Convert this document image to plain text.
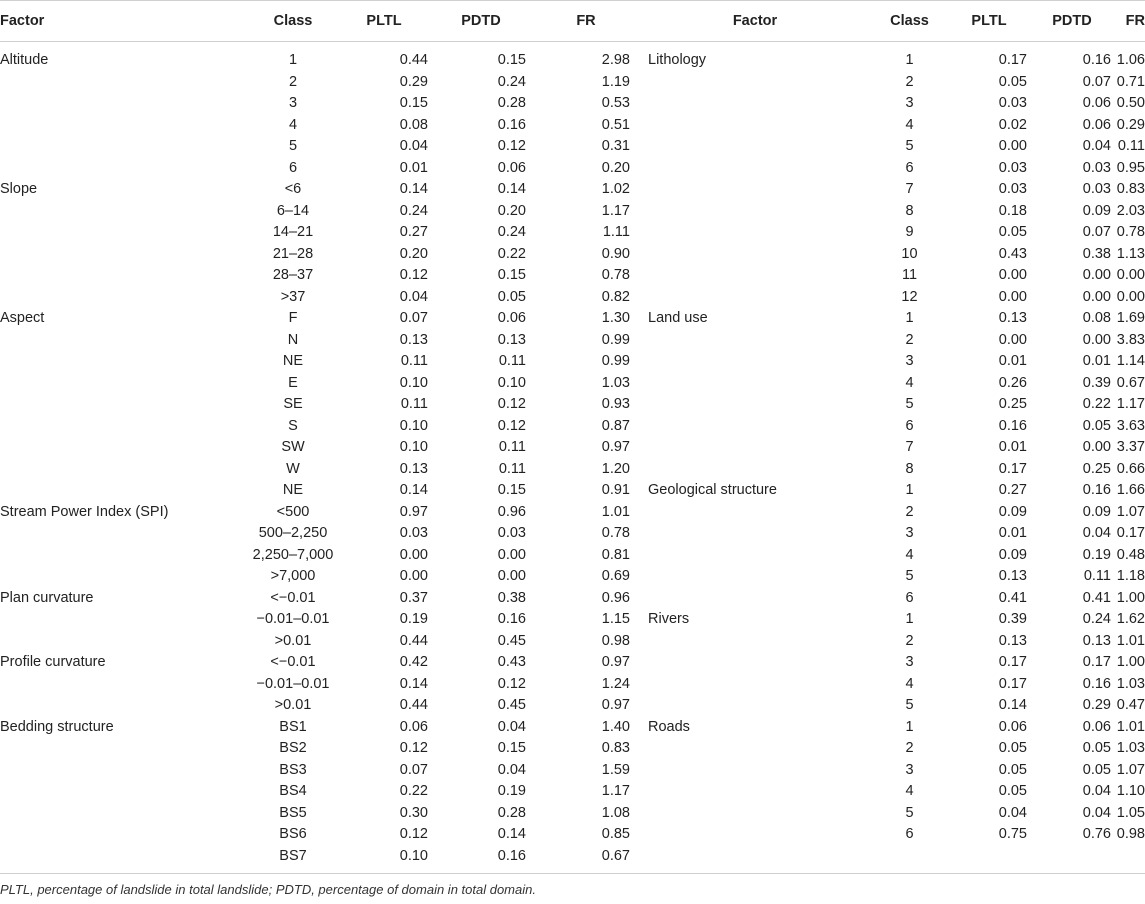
Factor	Class	PLTL	PDTD	FR	Factor	Class	PLTL	PDTD	FR
Altitude	1	0.44	0.15	2.98	Lithology	1	0.17	0.16	1.06
	2	0.29	0.24	1.19		2	0.05	0.07	0.71
	3	0.15	0.28	0.53		3	0.03	0.06	0.50
	4	0.08	0.16	0.51		4	0.02	0.06	0.29
	5	0.04	0.12	0.31		5	0.00	0.04	0.11
	6	0.01	0.06	0.20		6	0.03	0.03	0.95
Slope	<6	0.14	0.14	1.02		7	0.03	0.03	0.83
	6–14	0.24	0.20	1.17		8	0.18	0.09	2.03
	14–21	0.27	0.24	1.11		9	0.05	0.07	0.78
	21–28	0.20	0.22	0.90		10	0.43	0.38	1.13
	28–37	0.12	0.15	0.78		11	0.00	0.00	0.00
	>37	0.04	0.05	0.82		12	0.00	0.00	0.00
Aspect	F	0.07	0.06	1.30	Land use	1	0.13	0.08	1.69
	N	0.13	0.13	0.99		2	0.00	0.00	3.83
	NE	0.11	0.11	0.99		3	0.01	0.01	1.14
	E	0.10	0.10	1.03		4	0.26	0.39	0.67
	SE	0.11	0.12	0.93		5	0.25	0.22	1.17
	S	0.10	0.12	0.87		6	0.16	0.05	3.63
	SW	0.10	0.11	0.97		7	0.01	0.00	3.37
	W	0.13	0.11	1.20		8	0.17	0.25	0.66
	NE	0.14	0.15	0.91	Geological structure	1	0.27	0.16	1.66
Stream Power Index (SPI)	<500	0.97	0.96	1.01		2	0.09	0.09	1.07
	500–2,250	0.03	0.03	0.78		3	0.01	0.04	0.17
	2,250–7,000	0.00	0.00	0.81		4	0.09	0.19	0.48
	>7,000	0.00	0.00	0.69		5	0.13	0.11	1.18
Plan curvature	<−0.01	0.37	0.38	0.96		6	0.41	0.41	1.00
	−0.01–0.01	0.19	0.16	1.15	Rivers	1	0.39	0.24	1.62
	>0.01	0.44	0.45	0.98		2	0.13	0.13	1.01
Profile curvature	<−0.01	0.42	0.43	0.97		3	0.17	0.17	1.00
	−0.01–0.01	0.14	0.12	1.24		4	0.17	0.16	1.03
	>0.01	0.44	0.45	0.97		5	0.14	0.29	0.47
Bedding structure	BS1	0.06	0.04	1.40	Roads	1	0.06	0.06	1.01
	BS2	0.12	0.15	0.83		2	0.05	0.05	1.03
	BS3	0.07	0.04	1.59		3	0.05	0.05	1.07
	BS4	0.22	0.19	1.17		4	0.05	0.04	1.10
	BS5	0.30	0.28	1.08		5	0.04	0.04	1.05
	BS6	0.12	0.14	0.85		6	0.75	0.76	0.98
	BS7	0.10	0.16	0.67					
PLTL, percentage of landslide in total landslide; PDTD, percentage of domain in total domain.									
